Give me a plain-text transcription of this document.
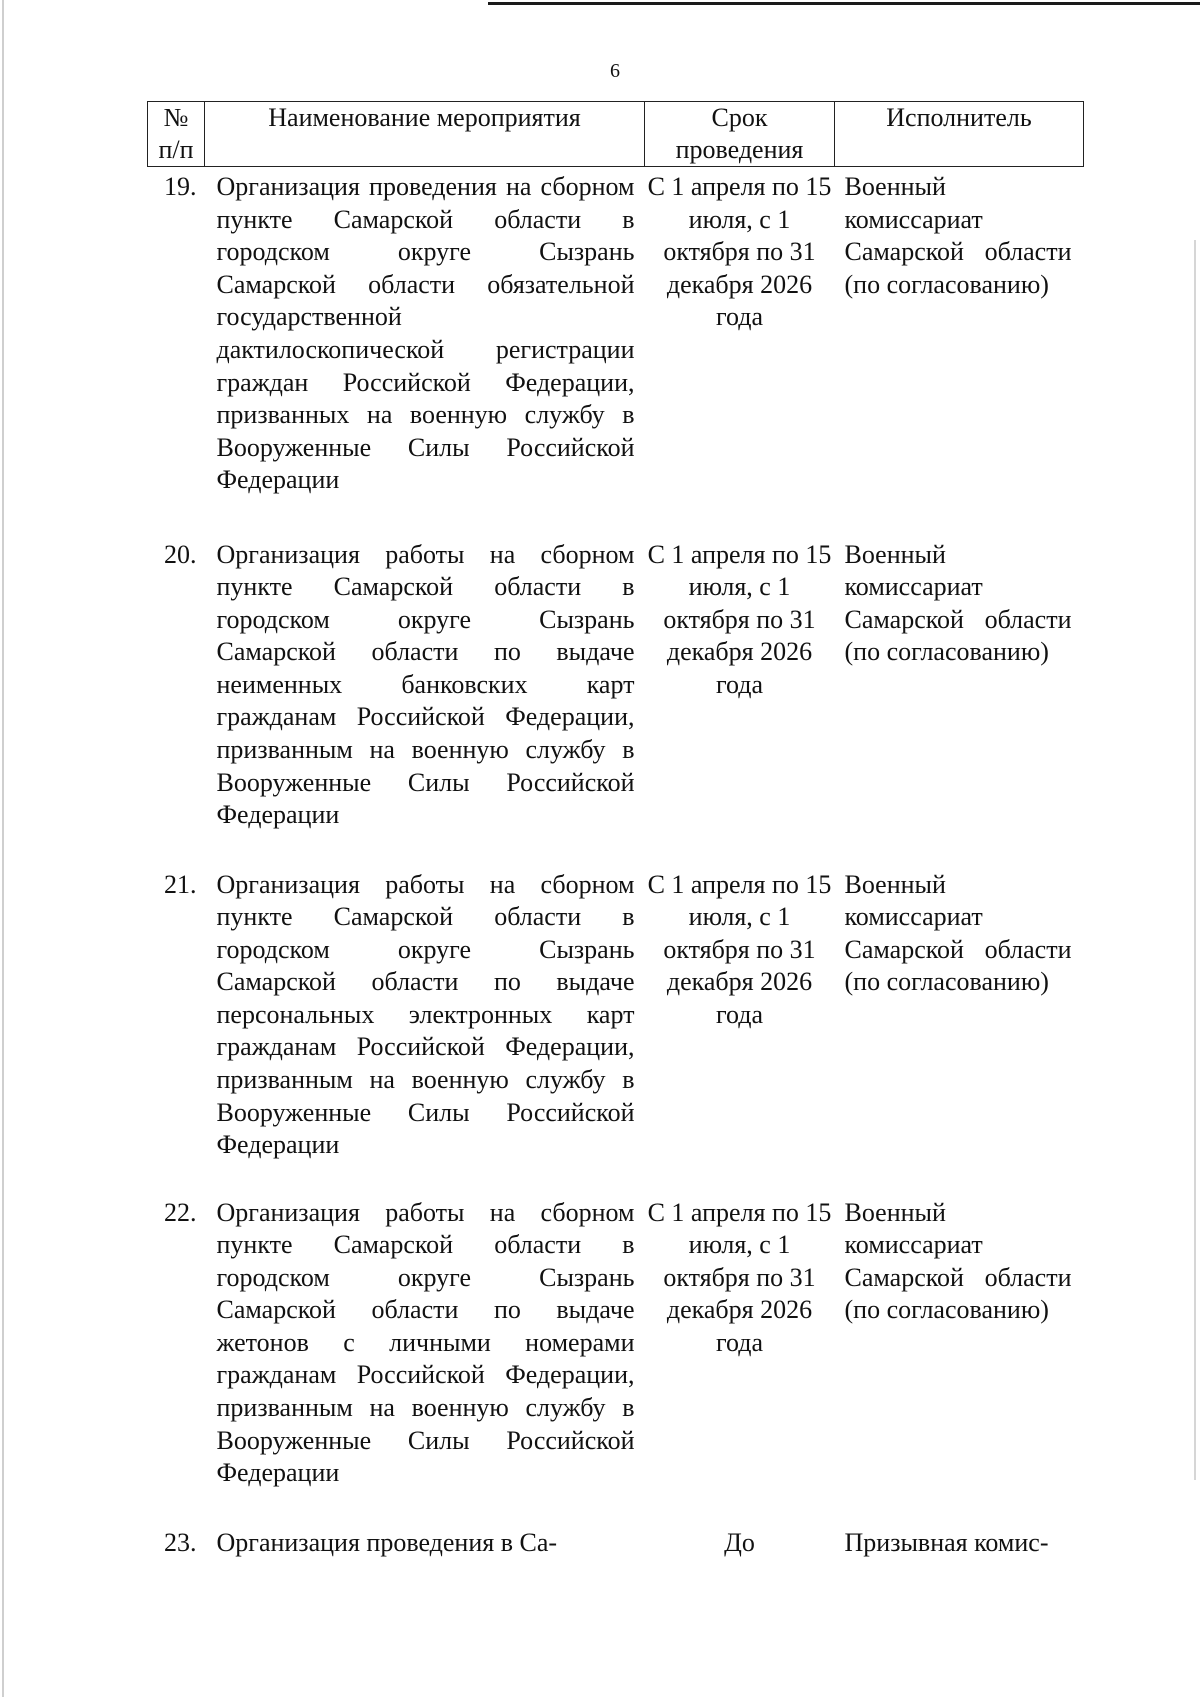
6
№
п/п	Наименование мероприятия	Срок проведения	Исполнитель
19.	Организация проведения на сборном пункте Самарской области в городском округе Сызрань Самарской области обязательной государственной дактилоскопической регистрации граждан Российской Федерации, призванных на военную службу в Вооруженные Силы Российской Федерации	С 1 апреля по 15 июля, с 1 октября по 31 декабря 2026 года	Военный комиссариат Самарской области (по согласованию)
20.	Организация работы на сборном пункте Самарской области в городском округе Сызрань Самарской области по выдаче неименных банковских карт гражданам Российской Федерации, призванным на военную службу в Вооруженные Силы Российской Федерации	С 1 апреля по 15 июля, с 1 октября по 31 декабря 2026 года	Военный комиссариат Самарской области (по согласованию)
21.	Организация работы на сборном пункте Самарской области в городском округе Сызрань Самарской области по выдаче персональных электронных карт гражданам Российской Федерации, призванным на военную службу в Вооруженные Силы Российской Федерации	С 1 апреля по 15 июля, с 1 октября по 31 декабря 2026 года	Военный комиссариат Самарской области (по согласованию)
22.	Организация работы на сборном пункте Самарской области в городском округе Сызрань Самарской области по выдаче жетонов с личными номерами гражданам Российской Федерации, призванным на военную службу в Вооруженные Силы Российской Федерации	С 1 апреля по 15 июля, с 1 октября по 31 декабря 2026 года	Военный комиссариат Самарской области (по согласованию)
23.	Организация проведения в Са-	До	Призывная комис-
